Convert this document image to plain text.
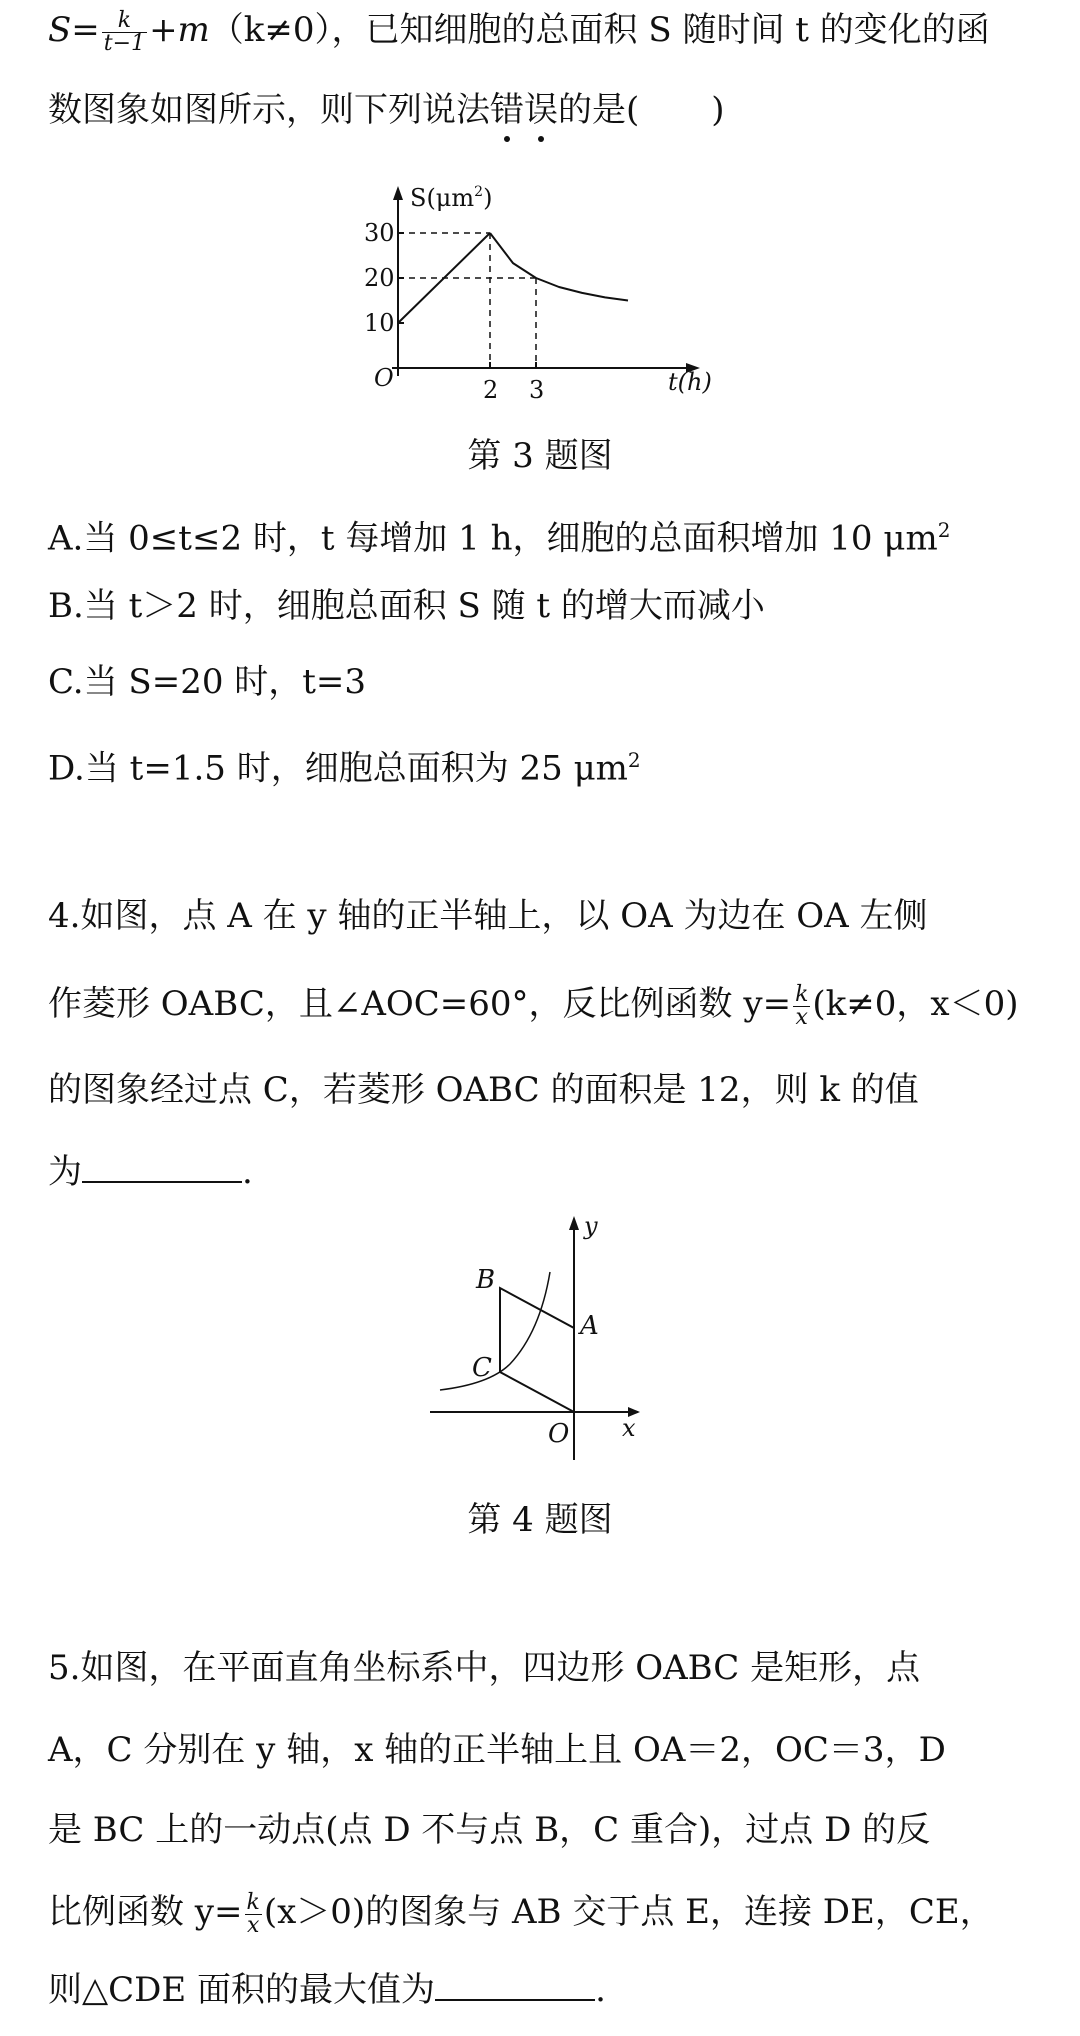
$S= \frac{k}{t-1} +m(k\ne 0)$，已知细胞的总面积 S 随时间 t 的变化的函
数图象如图所示，则下列说法错误的是( )
10
20
30
2 3
$S(\mu m^2)$
t(h)
O
第 3 题图
A.当 0≤t≤2 时，t 每增加 1 h，细胞的总面积增加 10 $\mu m^2$
B.当 t＞2 时，细胞总面积 S 随 t 的增大而减小
C.当 S=20 时，t=3
D.当 t=1.5 时，细胞总面积为 25 $\mu m^2$
4.如图，点 A 在 y 轴的正半轴上，以 OA 为边在 OA 左侧
作菱形 OABC，且∠AOC=60°，反比例函数 $y= \frac{k}{x} (k\ne 0$，x＜0)
的图象经过点 C，若菱形 OABC 的面积是 12，则 k 的值
为	.
B
A
C
O x
y
第 4 题图
5.如图，在平面直角坐标系中，四边形 OABC 是矩形，点
A，C 分别在 y 轴，x 轴的正半轴上且 OA＝2，OC＝3，D
是 BC 上的一动点(点 D 不与点 B，C 重合)，过点 D 的反
比例函数 $y= \frac{k}{x} (x>0)$的图象与 AB 交于点 E，连接 DE，CE，
则△CDE 面积的最大值为	.
